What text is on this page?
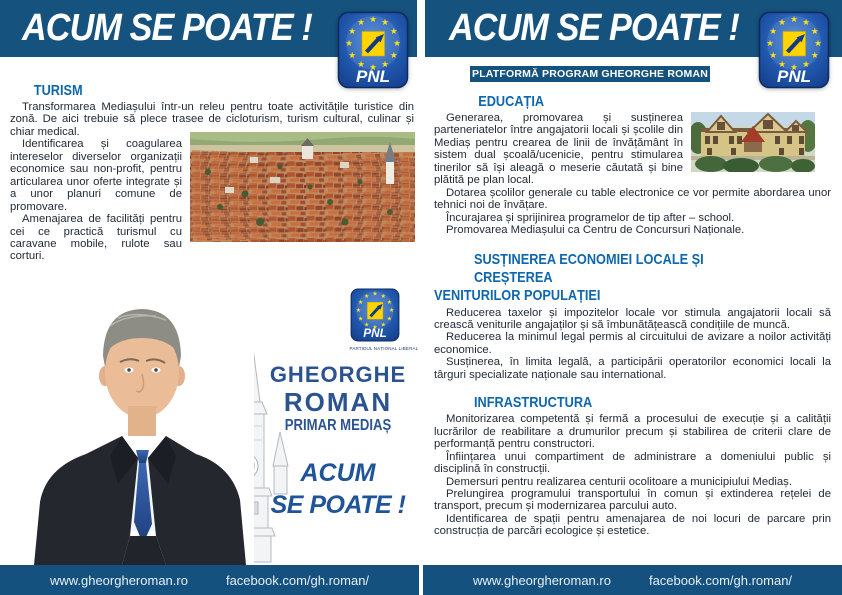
ACUM SE POATE !
TURISM

Transformarea Mediașului într-un releu pentru toate activitățile turistice din zonă. De aici trebuie să plece trasee de cicloturism, turism cultural, culinar și chiar medical.

Identificarea și coagularea intereselor diverselor organizații economice sau non-profit, pentru articularea unor oferte integrate și a unor planuri comune de promovare.

Amenajarea de facilități pentru cei ce practică turismul cu caravane mobile, rulote sau corturi.

PARTIDUL NAȚIONAL LIBERAL
GHEORGHE
ROMAN
PRIMAR MEDIAȘ
ACUM
SE POATE !
www.gheorgheroman.ro	facebook.com/gh.roman/
ACUM SE POATE !
PLATFORMĂ PROGRAM GHEORGHE ROMAN
EDUCAȚIA

Generarea, promovarea și susținerea parteneriatelor între angajatorii locali și școlile din Mediaș pentru crearea de linii de învățământ în sistem dual școală/ucenicie, pentru stimularea tinerilor să își aleagă o meserie căutată și bine plătită pe plan local.

Dotarea școlilor generale cu table electronice ce vor permite abordarea unor tehnici noi de învățare.

Încurajarea și sprijinirea programelor de tip after – school.

Promovarea Mediașului ca Centru de Concursuri Naționale.

SUSȚINEREA ECONOMIEI LOCALE ȘI CREȘTEREA
VENITURILOR POPULAȚIEI

Reducerea taxelor și impozitelor locale vor stimula angajatorii locali să crească veniturile angajaților și să îmbunătățească condițiile de muncă.

Reducerea la minimul legal permis al circuitului de avizare a noilor activități economice.

Susținerea, în limita legală, a participării operatorilor economici locali la târguri specializate naționale sau international.

INFRASTRUCTURA

Monitorizarea competentă și fermă a procesului de execuție și a calității lucrărilor de reabilitare a drumurilor precum și stabilirea de criterii clare de performanță pentru constructori.

Înființarea unui compartiment de administrare a domeniului public și disciplină în construcții.

Demersuri pentru realizarea centurii ocolitoare a municipiului Mediaș.

Prelungirea programului transportului în comun și extinderea rețelei de transport, precum și modernizarea parcului auto.

Identificarea de spații pentru amenajarea de noi locuri de parcare prin construcția de parcări ecologice și estetice.

www.gheorgheroman.ro	facebook.com/gh.roman/
